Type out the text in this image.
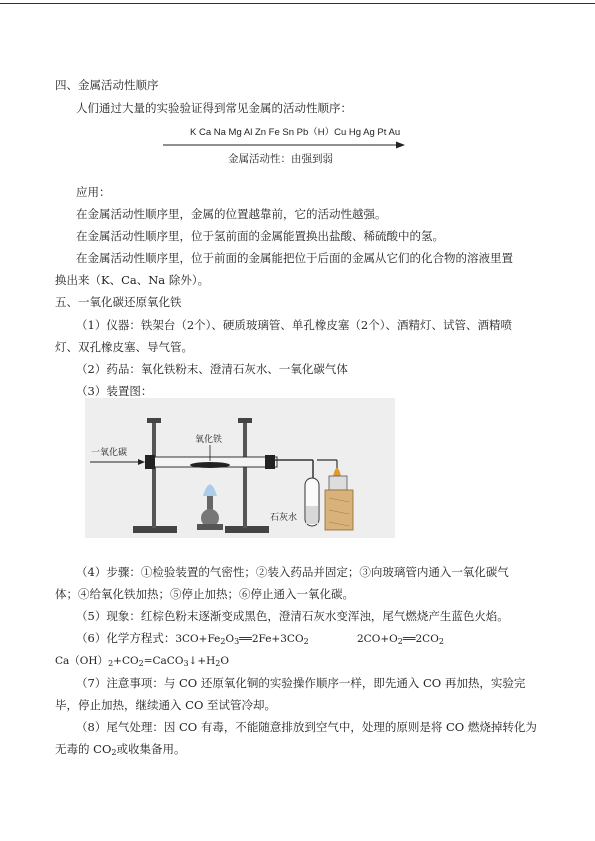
四、金属活动性顺序
人们通过大量的实验验证得到常见金属的活动性顺序：
K Ca Na Mg Al Zn Fe Sn Pb（H）Cu Hg Ag Pt Au
金属活动性：由强到弱
应用：
在金属活动性顺序里，金属的位置越靠前，它的活动性越强。
在金属活动性顺序里，位于氢前面的金属能置换出盐酸、稀硫酸中的氢。
在金属活动性顺序里，位于前面的金属能把位于后面的金属从它们的化合物的溶液里置
换出来（K、Ca、Na 除外）。
五、一氧化碳还原氧化铁
（1）仪器：铁架台（2个）、硬质玻璃管、单孔橡皮塞（2个）、酒精灯、试管、酒精喷
灯、双孔橡皮塞、导气管。
（2）药品：氧化铁粉末、澄清石灰水、一氧化碳气体
（3）装置图：
一氧化碳
氧化铁
石灰水
（4）步骤：①检验装置的气密性；②装入药品并固定；③向玻璃管内通入一氧化碳气
体；④给氧化铁加热；⑤停止加热；⑥停止通入一氧化碳。
（5）现象：红棕色粉末逐渐变成黑色，澄清石灰水变浑浊，尾气燃烧产生蓝色火焰。
（6）化学方程式：$3CO+Fe_2O_3══2Fe+3CO_2$	$2CO+O_2══2CO_2$
$Ca(OH)_2+CO_2=CaCO_3↓+H_2O$
（7）注意事项：与 CO 还原氧化铜的实验操作顺序一样，即先通入 CO 再加热，实验完
毕，停止加热，继续通入 CO 至试管冷却。
（8）尾气处理：因 CO 有毒，不能随意排放到空气中，处理的原则是将 CO 燃烧掉转化为
无毒的 $CO_2$或收集备用。
